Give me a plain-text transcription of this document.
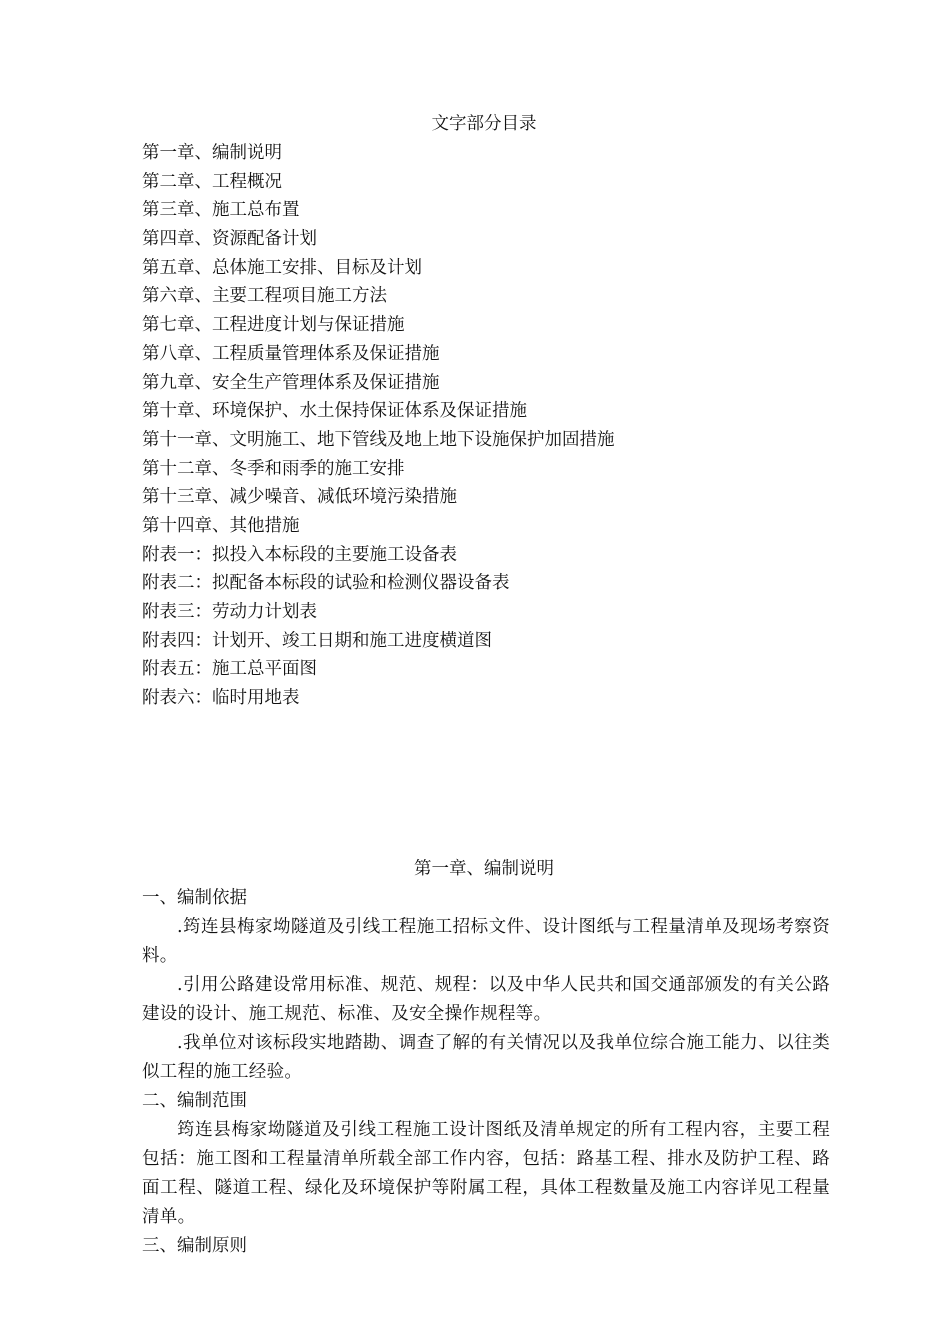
文字部分目录
第一章、编制说明
第二章、工程概况
第三章、施工总布置
第四章、资源配备计划
第五章、总体施工安排、目标及计划
第六章、主要工程项目施工方法
第七章、工程进度计划与保证措施
第八章、工程质量管理体系及保证措施
第九章、安全生产管理体系及保证措施
第十章、环境保护、水土保持保证体系及保证措施
第十一章、文明施工、地下管线及地上地下设施保护加固措施
第十二章、冬季和雨季的施工安排
第十三章、减少噪音、减低环境污染措施
第十四章、其他措施
附表一：拟投入本标段的主要施工设备表
附表二：拟配备本标段的试验和检测仪器设备表
附表三：劳动力计划表
附表四：计划开、竣工日期和施工进度横道图
附表五：施工总平面图
附表六：临时用地表
第一章、编制说明

一、编制依据

.筠连县梅家坳隧道及引线工程施工招标文件、设计图纸与工程量清单及现场考察资料。

.引用公路建设常用标准、规范、规程：以及中华人民共和国交通部颁发的有关公路建设的设计、施工规范、标准、及安全操作规程等。

.我单位对该标段实地踏勘、调查了解的有关情况以及我单位综合施工能力、以往类似工程的施工经验。

二、编制范围

筠连县梅家坳隧道及引线工程施工设计图纸及清单规定的所有工程内容，主要工程包括：施工图和工程量清单所载全部工作内容，包括：路基工程、排水及防护工程、路面工程、隧道工程、绿化及环境保护等附属工程，具体工程数量及施工内容详见工程量清单。

三、编制原则
